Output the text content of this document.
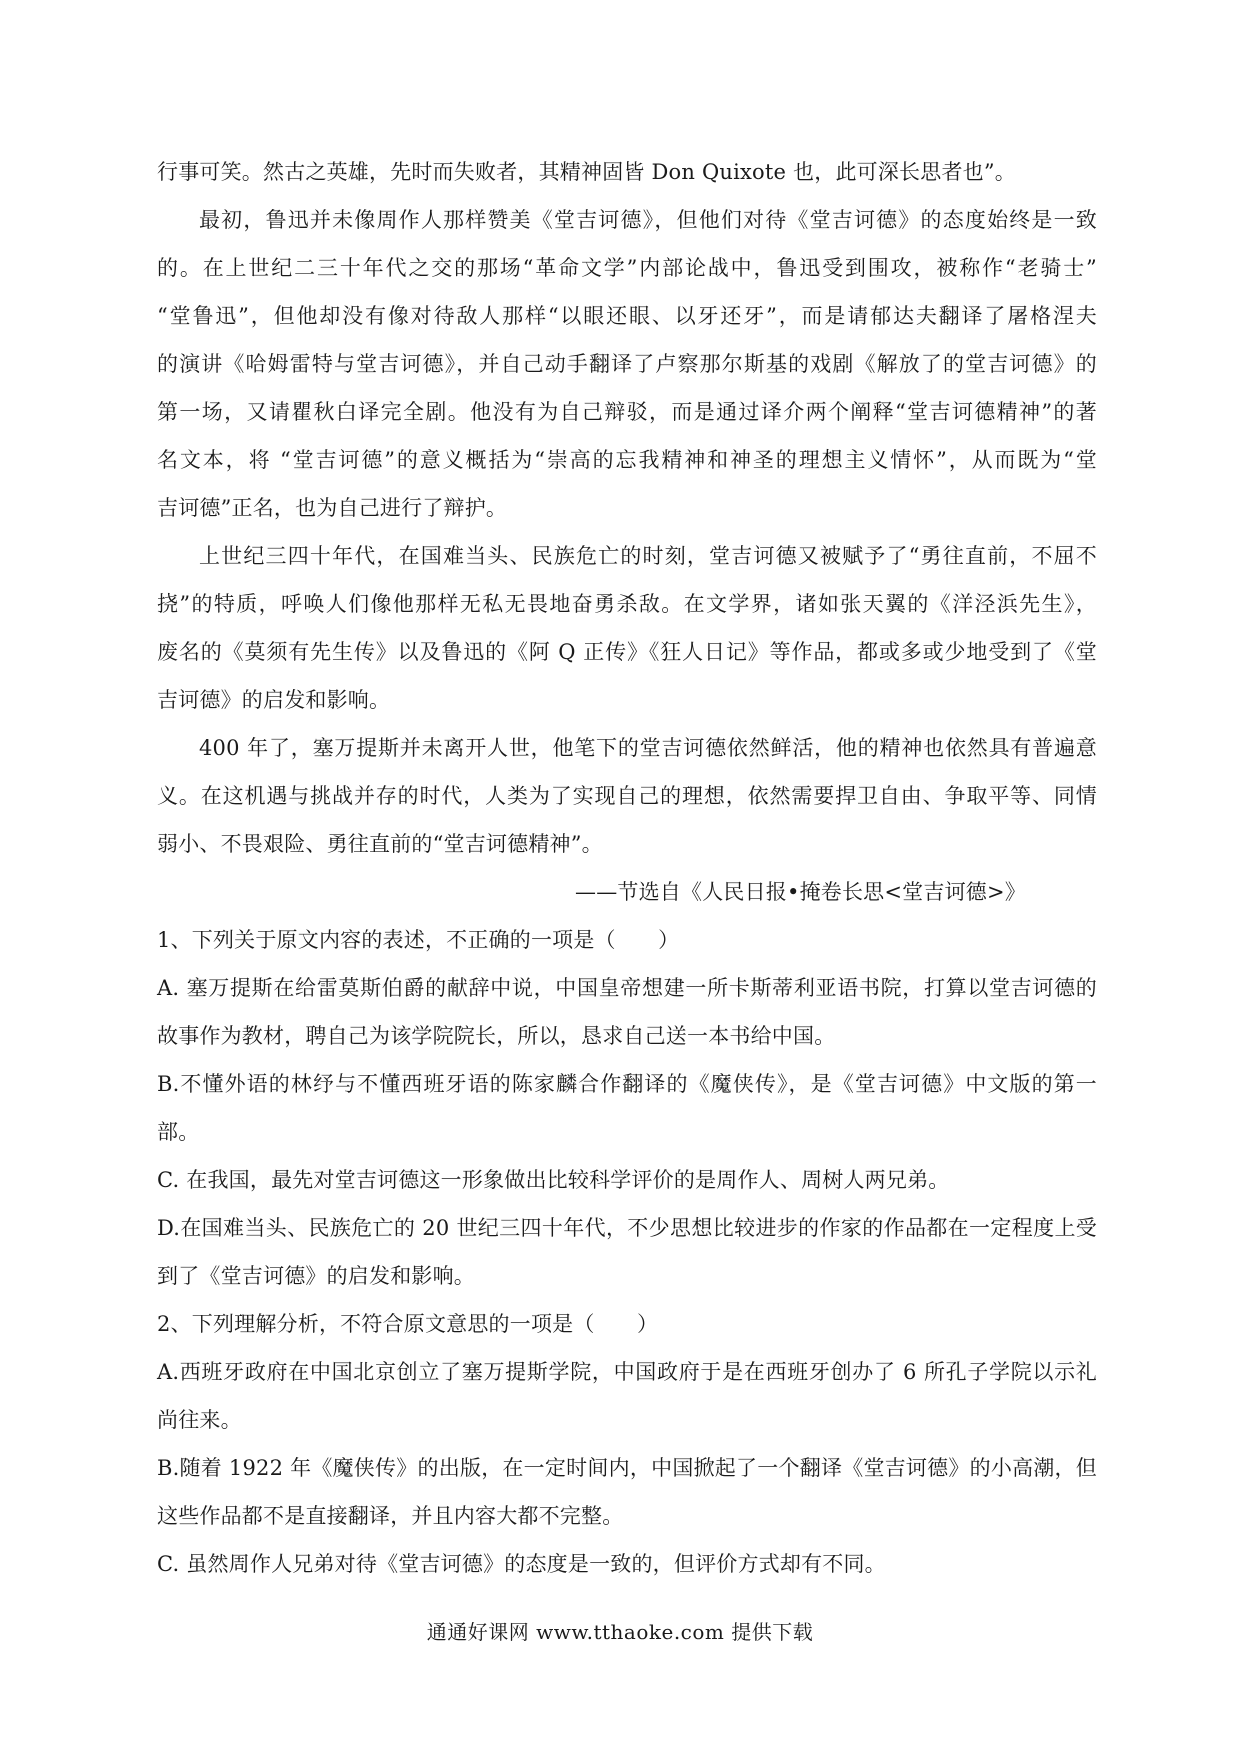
行事可笑。然古之英雄，先时而失败者，其精神固皆 Don Quixote 也，此可深长思者也”。
最初，鲁迅并未像周作人那样赞美《堂吉诃德》，但他们对待《堂吉诃德》的态度始终是一致
的。在上世纪二三十年代之交的那场“革命文学”内部论战中，鲁迅受到围攻，被称作“老骑士”
“堂鲁迅”，但他却没有像对待敌人那样“以眼还眼、以牙还牙”，而是请郁达夫翻译了屠格涅夫
的演讲《哈姆雷特与堂吉诃德》，并自己动手翻译了卢察那尔斯基的戏剧《解放了的堂吉诃德》的
第一场，又请瞿秋白译完全剧。他没有为自己辩驳，而是通过译介两个阐释“堂吉诃德精神”的著
名文本，将 “堂吉诃德”的意义概括为“崇高的忘我精神和神圣的理想主义情怀”，从而既为“堂
吉诃德”正名，也为自己进行了辩护。
上世纪三四十年代，在国难当头、民族危亡的时刻，堂吉诃德又被赋予了“勇往直前，不屈不
挠”的特质，呼唤人们像他那样无私无畏地奋勇杀敌。在文学界，诸如张天翼的《洋泾浜先生》，
废名的《莫须有先生传》以及鲁迅的《阿 Q 正传》《狂人日记》等作品，都或多或少地受到了《堂
吉诃德》的启发和影响。
400 年了，塞万提斯并未离开人世，他笔下的堂吉诃德依然鲜活，他的精神也依然具有普遍意
义。在这机遇与挑战并存的时代，人类为了实现自己的理想，依然需要捍卫自由、争取平等、同情
弱小、不畏艰险、勇往直前的“堂吉诃德精神”。
——节选自《人民日报•掩卷长思<堂吉诃德>》
1、下列关于原文内容的表述，不正确的一项是（　　）
A. 塞万提斯在给雷莫斯伯爵的献辞中说，中国皇帝想建一所卡斯蒂利亚语书院，打算以堂吉诃德的
故事作为教材，聘自己为该学院院长，所以，恳求自己送一本书给中国。
B.不懂外语的林纾与不懂西班牙语的陈家麟合作翻译的《魔侠传》，是《堂吉诃德》中文版的第一
部。
C. 在我国，最先对堂吉诃德这一形象做出比较科学评价的是周作人、周树人两兄弟。
D.在国难当头、民族危亡的 20 世纪三四十年代，不少思想比较进步的作家的作品都在一定程度上受
到了《堂吉诃德》的启发和影响。
2、下列理解分析，不符合原文意思的一项是（　　）
A.西班牙政府在中国北京创立了塞万提斯学院，中国政府于是在西班牙创办了 6 所孔子学院以示礼
尚往来。
B.随着 1922 年《魔侠传》的出版，在一定时间内，中国掀起了一个翻译《堂吉诃德》的小高潮，但
这些作品都不是直接翻译，并且内容大都不完整。
C. 虽然周作人兄弟对待《堂吉诃德》的态度是一致的，但评价方式却有不同。
通通好课网 www.tthaoke.com 提供下载
